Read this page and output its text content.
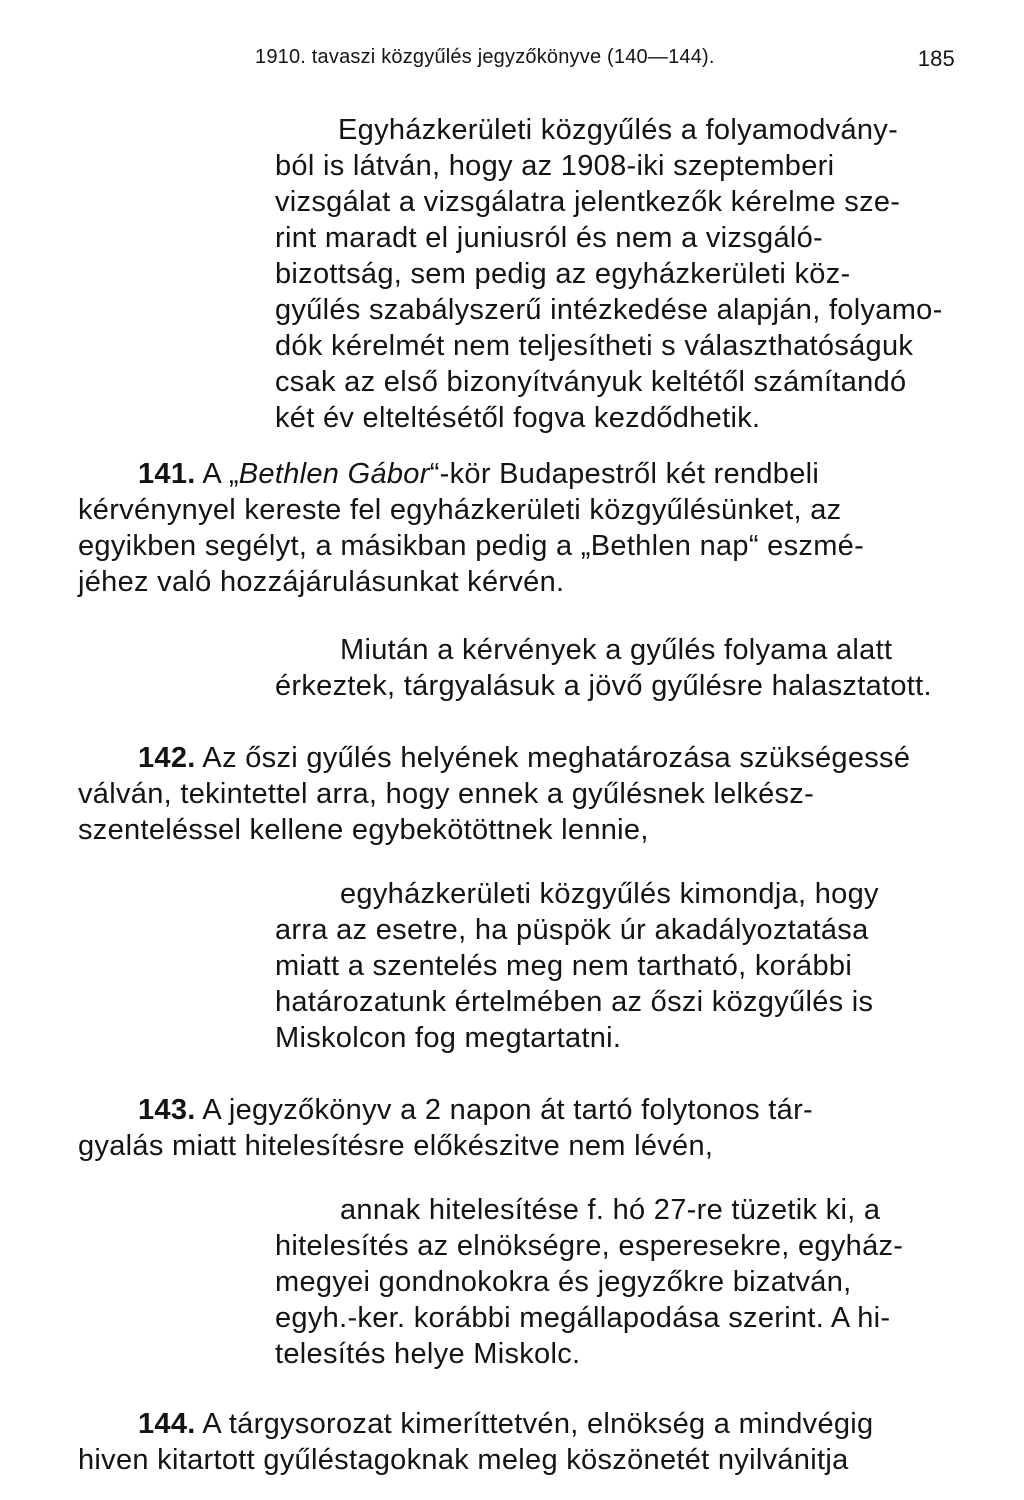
1910. tavaszi közgyűlés jegyzőkönyve (140—144).	185
Egyházkerületi közgyűlés a folyamodvány-
ból is látván, hogy az 1908-iki szeptemberi
vizsgálat a vizsgálatra jelentkezők kérelme sze-
rint maradt el juniusról és nem a vizsgáló-
bizottság, sem pedig az egyházkerületi köz-
gyűlés szabályszerű intézkedése alapján, folyamo-
dók kérelmét nem teljesítheti s választhatóságuk
csak az első bizonyítványuk keltétől számítandó
két év elteltésétől fogva kezdődhetik.
141. A „Bethlen Gábor“-kör Budapestről két rendbeli
kérvénynyel kereste fel egyházkerületi közgyűlésünket, az
egyikben segélyt, a másikban pedig a „Bethlen nap“ eszmé-
jéhez való hozzájárulásunkat kérvén.
Miután a kérvények a gyűlés folyama alatt
érkeztek, tárgyalásuk a jövő gyűlésre halasztatott.
142. Az őszi gyűlés helyének meghatározása szükségessé
válván, tekintettel arra, hogy ennek a gyűlésnek lelkész-
szenteléssel kellene egybekötöttnek lennie,
egyházkerületi közgyűlés kimondja, hogy
arra az esetre, ha püspök úr akadályoztatása
miatt a szentelés meg nem tartható, korábbi
határozatunk értelmében az őszi közgyűlés is
Miskolcon fog megtartatni.
143. A jegyzőkönyv a 2 napon át tartó folytonos tár-
gyalás miatt hitelesítésre előkészitve nem lévén,
annak hitelesítése f. hó 27-re tüzetik ki, a
hitelesítés az elnökségre, esperesekre, egyház-
megyei gondnokokra és jegyzőkre bizatván,
egyh.-ker. korábbi megállapodása szerint. A hi-
telesítés helye Miskolc.
144. A tárgysorozat kimeríttetvén, elnökség a mindvégig
hiven kitartott gyűléstagoknak meleg köszönetét nyilvánitja
